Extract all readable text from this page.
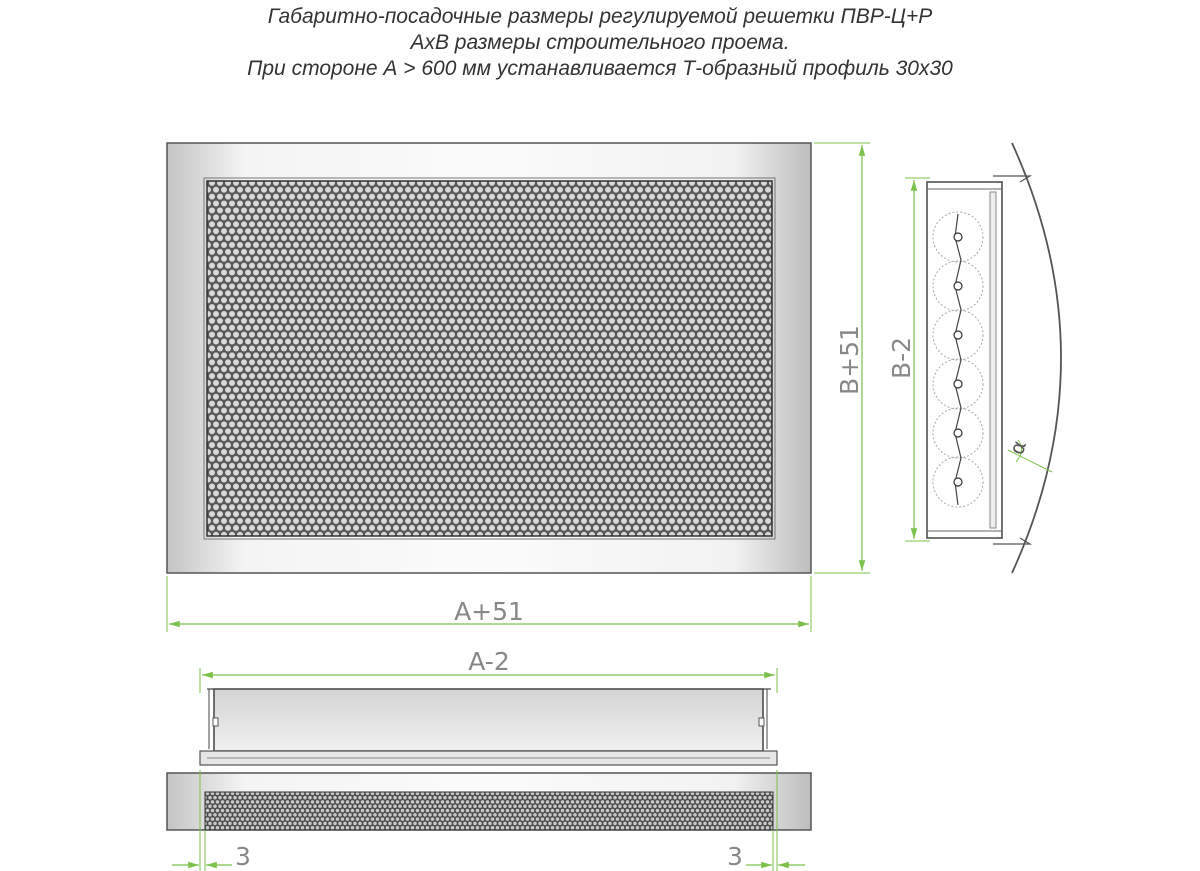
Габаритно-посадочные размеры регулируемой решетки ПВР-Ц+Р
АхВ размеры строительного проема.
При стороне А > 600 мм устанавливается Т-образный профиль 30х30
A+51
B+51
α
B-2
A-2
3	3
